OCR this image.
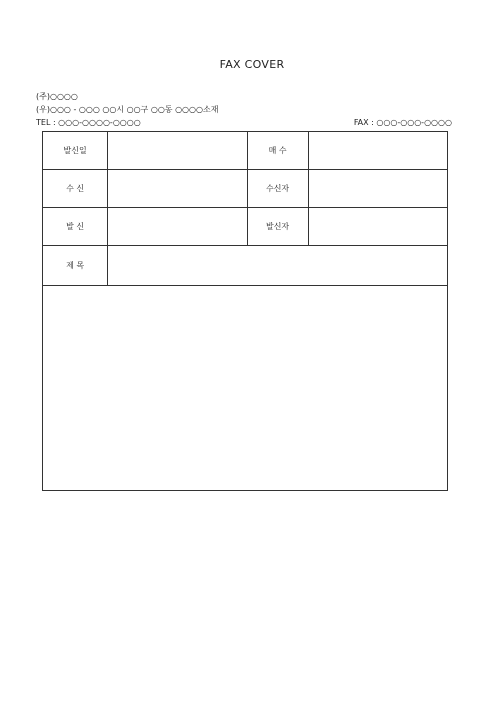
FAX COVER
(주)○○○○
(우)○○○ - ○○○ ○○시 ○○구 ○○동 ○○○○소재
TEL : ○○○-○○○○-○○○○	FAX : ○○○-○○○-○○○○
발신일		매 수	
수 신		수신자	
발 신		발신자	
제 목			
